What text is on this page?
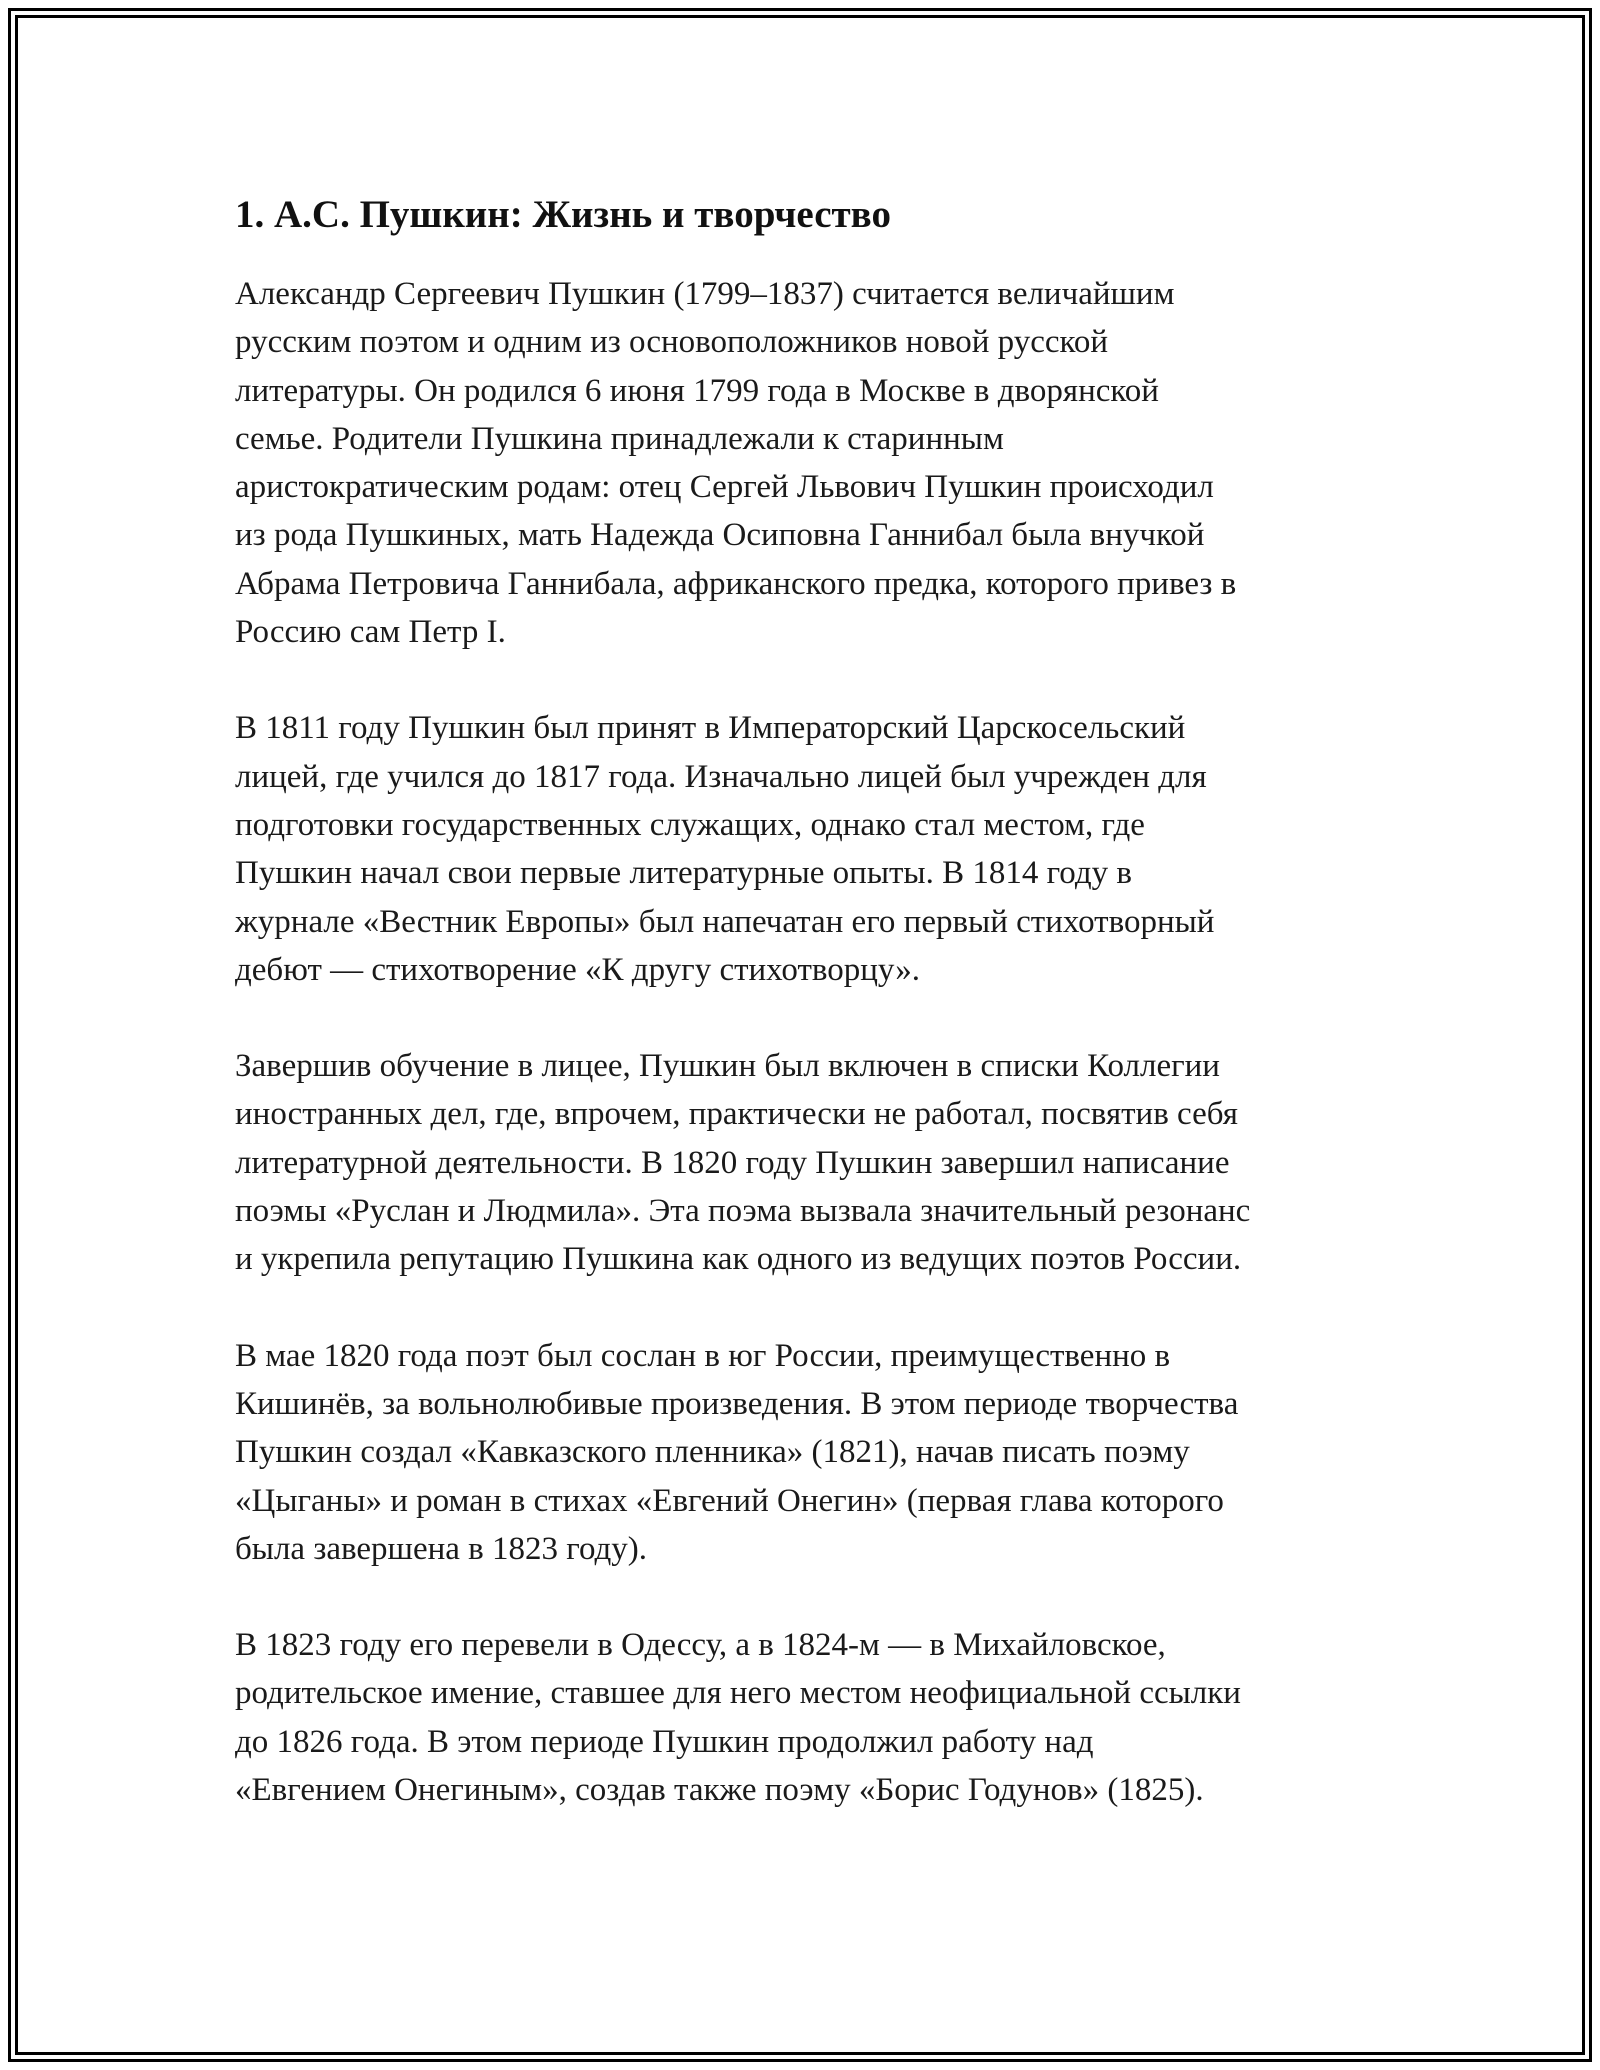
1. А.С. Пушкин: Жизнь и творчество

Александр Сергеевич Пушкин (1799–1837) считается величайшим
русским поэтом и одним из основоположников новой русской
литературы. Он родился 6 июня 1799 года в Москве в дворянской
семье. Родители Пушкина принадлежали к старинным
аристократическим родам: отец Сергей Львович Пушкин происходил
из рода Пушкиных, мать Надежда Осиповна Ганнибал была внучкой
Абрама Петровича Ганнибала, африканского предка, которого привез в
Россию сам Петр I.

В 1811 году Пушкин был принят в Императорский Царскосельский
лицей, где учился до 1817 года. Изначально лицей был учрежден для
подготовки государственных служащих, однако стал местом, где
Пушкин начал свои первые литературные опыты. В 1814 году в
журнале «Вестник Европы» был напечатан его первый стихотворный
дебют — стихотворение «К другу стихотворцу».

Завершив обучение в лицее, Пушкин был включен в списки Коллегии
иностранных дел, где, впрочем, практически не работал, посвятив себя
литературной деятельности. В 1820 году Пушкин завершил написание
поэмы «Руслан и Людмила». Эта поэма вызвала значительный резонанс
и укрепила репутацию Пушкина как одного из ведущих поэтов России.

В мае 1820 года поэт был сослан в юг России, преимущественно в
Кишинёв, за вольнолюбивые произведения. В этом периоде творчества
Пушкин создал «Кавказского пленника» (1821), начав писать поэму
«Цыганы» и роман в стихах «Евгений Онегин» (первая глава которого
была завершена в 1823 году).

В 1823 году его перевели в Одессу, а в 1824-м — в Михайловское,
родительское имение, ставшее для него местом неофициальной ссылки
до 1826 года. В этом периоде Пушкин продолжил работу над
«Евгением Онегиным», создав также поэму «Борис Годунов» (1825).
